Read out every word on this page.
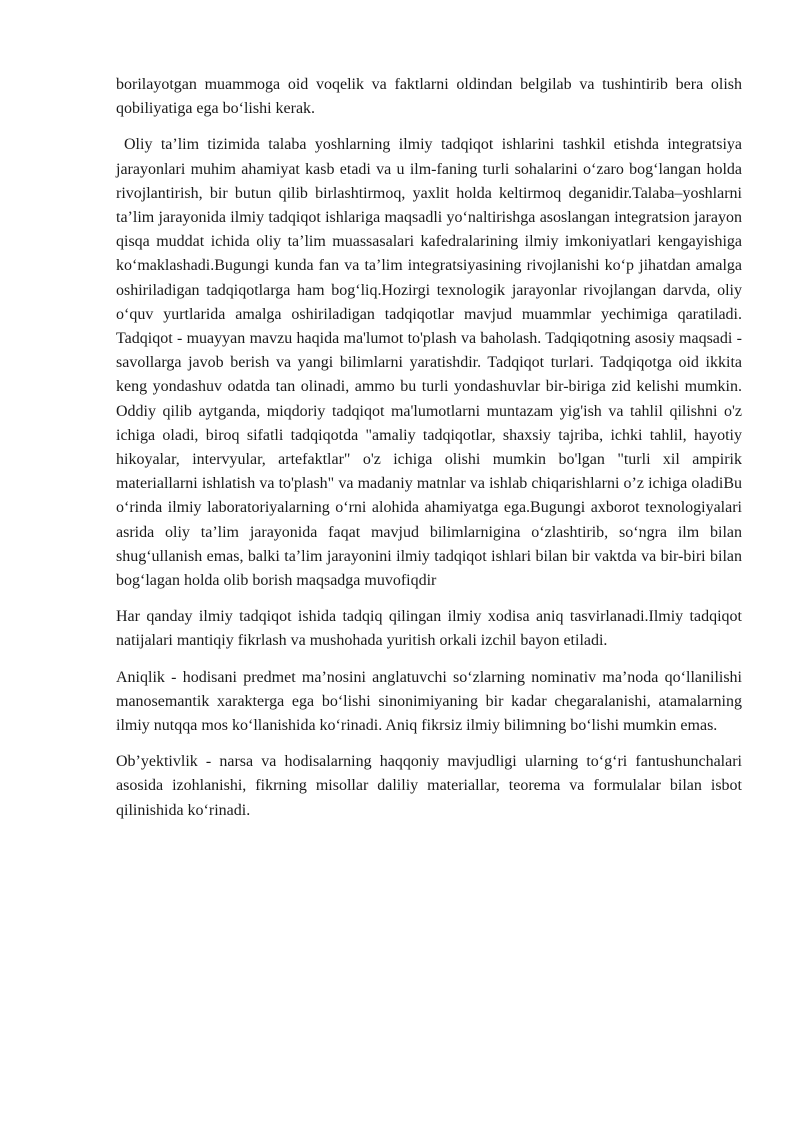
borilayotgan muammoga oid voqelik va faktlarni oldindan belgilab va tushintirib bera olish qobiliyatiga ega bo‘lishi kerak.

Oliy ta’lim tizimida talaba yoshlarning ilmiy tadqiqot ishlarini tashkil etishda integratsiya jarayonlari muhim ahamiyat kasb etadi va u ilm-faning turli sohalarini o‘zaro bog‘langan holda rivojlantirish, bir butun qilib birlashtirmoq, yaxlit holda keltirmoq deganidir.Talaba–yoshlarni ta’lim jarayonida ilmiy tadqiqot ishlariga maqsadli yo‘naltirishga asoslangan integratsion jarayon qisqa muddat ichida oliy ta’lim muassasalari kafedralarining ilmiy imkoniyatlari kengayishiga ko‘maklashadi.Bugungi kunda fan va ta’lim integratsiyasining rivojlanishi ko‘p jihatdan amalga oshiriladigan tadqiqotlarga ham bog‘liq.Hozirgi texnologik jarayonlar rivojlangan darvda, oliy o‘quv yurtlarida amalga oshiriladigan tadqiqotlar mavjud muammlar yechimiga qaratiladi. Tadqiqot - muayyan mavzu haqida ma'lumot to'plash va baholash. Tadqiqotning asosiy maqsadi - savollarga javob berish va yangi bilimlarni yaratishdir. Tadqiqot turlari. Tadqiqotga oid ikkita keng yondashuv odatda tan olinadi, ammo bu turli yondashuvlar bir-biriga zid kelishi mumkin. Oddiy qilib aytganda, miqdoriy tadqiqot ma'lumotlarni muntazam yig'ish va tahlil qilishni o'z ichiga oladi, biroq sifatli tadqiqotda "amaliy tadqiqotlar, shaxsiy tajriba, ichki tahlil, hayotiy hikoyalar, intervyular, artefaktlar" o'z ichiga olishi mumkin bo'lgan "turli xil ampirik materiallarni ishlatish va to'plash" va madaniy matnlar va ishlab chiqarishlarni o’z ichiga oladiBu o‘rinda ilmiy laboratoriyalarning o‘rni alohida ahamiyatga ega.Bugungi axborot texnologiyalari asrida oliy ta’lim jarayonida faqat mavjud bilimlarnigina o‘zlashtirib, so‘ngra ilm bilan shug‘ullanish emas, balki ta’lim jarayonini ilmiy tadqiqot ishlari bilan bir vaktda va bir-biri bilan bog‘lagan holda olib borish maqsadga muvofiqdir

Har qanday ilmiy tadqiqot ishida tadqiq qilingan ilmiy xodisa aniq tasvirlanadi.Ilmiy tadqiqot natijalari mantiqiy fikrlash va mushohada yuritish orkali izchil bayon etiladi.

Aniqlik - hodisani predmet ma’nosini anglatuvchi so‘zlarning nominativ ma’noda qo‘llanilishi manosemantik xarakterga ega bo‘lishi sinonimiyaning bir kadar chegaralanishi, atamalarning ilmiy nutqqa mos ko‘llanishida ko‘rinadi. Aniq fikrsiz ilmiy bilimning bo‘lishi mumkin emas.

Ob’yektivlik - narsa va hodisalarning haqqoniy mavjudligi ularning to‘g‘ri fantushunchalari asosida izohlanishi, fikrning misollar daliliy materiallar, teorema va formulalar bilan isbot qilinishida ko‘rinadi.
